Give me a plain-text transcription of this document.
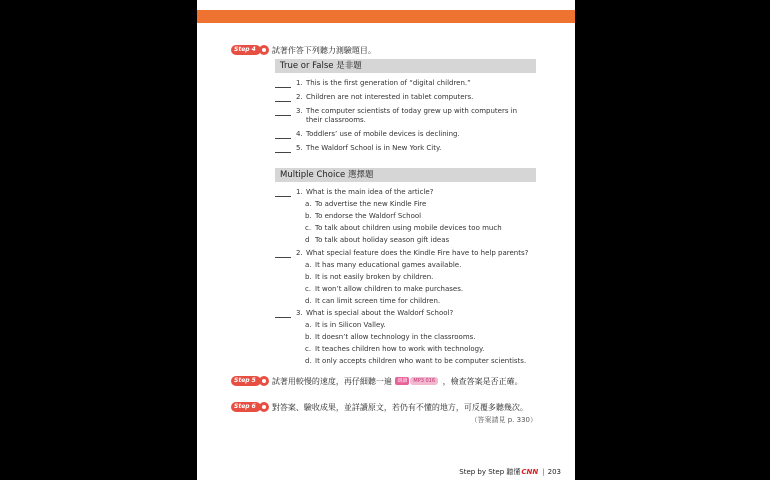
Step 4	試著作答下列聽力測驗題目。
True or False 是非題
1. This is the first generation of “digital children.”
2. Children are not interested in tablet computers.
3. The computer scientists of today grew up with computers in their classrooms.
4. Toddlers’ use of mobile devices is declining.
5. The Waldorf School is in New York City.
Multiple Choice 選擇題
1. What is the main idea of the article?
a. To advertise the new Kindle Fire
b. To endorse the Waldorf School
c. To talk about children using mobile devices too much
d To talk about holiday season gift ideas
2. What special feature does the Kindle Fire have to help parents?
a. It has many educational games available.
b. It is not easily broken by children.
c. It won’t allow children to make purchases.
d. It can limit screen time for children.
3. What is special about the Waldorf School?
a. It is in Silicon Valley.
b. It doesn’t allow technology in the classrooms.
c. It teaches children how to work with technology.
d. It only accepts children who want to be computer scientists.
Step 5	試著用較慢的速度，再仔細聽一遍 朗讀 MP3 016 ，檢查答案是否正確。
Step 6	對答案、驗收成果，並詳讀原文，若仍有不懂的地方，可反覆多聽幾次。
（答案請見 p. 330）
Step by Step 聽懂 CNN | 203
